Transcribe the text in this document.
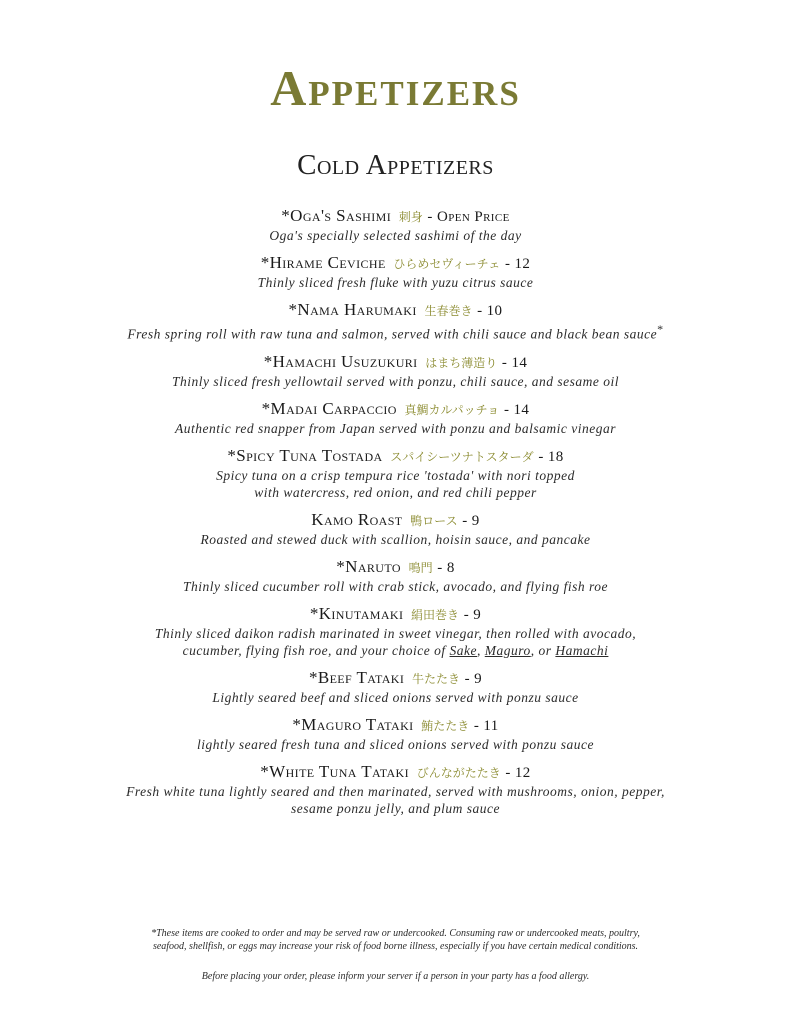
Appetizers
Cold Appetizers
*Oga's Sashimi 刺身 - Open Price
Oga's specially selected sashimi of the day
*Hirame Ceviche ひらめセヴィーチェ - 12
Thinly sliced fresh fluke with yuzu citrus sauce
*Nama Harumaki 生春巻き - 10
Fresh spring roll with raw tuna and salmon, served with chili sauce and black bean sauce*
*Hamachi Usuzukuri はまち薄造り - 14
Thinly sliced fresh yellowtail served with ponzu, chili sauce, and sesame oil
*Madai Carpaccio 真鯛カルパッチョ - 14
Authentic red snapper from Japan served with ponzu and balsamic vinegar
*Spicy Tuna Tostada スパイシーツナトスターダ - 18
Spicy tuna on a crisp tempura rice 'tostada' with nori topped
with watercress, red onion, and red chili pepper
Kamo Roast 鴨ロース - 9
Roasted and stewed duck with scallion, hoisin sauce, and pancake
*Naruto 鳴門 - 8
Thinly sliced cucumber roll with crab stick, avocado, and flying fish roe
*Kinutamaki 絹田巻き - 9
Thinly sliced daikon radish marinated in sweet vinegar, then rolled with avocado,
cucumber, flying fish roe, and your choice of Sake, Maguro, or Hamachi
*Beef Tataki 牛たたき - 9
Lightly seared beef and sliced onions served with ponzu sauce
*Maguro Tataki 鮪たたき - 11
lightly seared fresh tuna and sliced onions served with ponzu sauce
*White Tuna Tataki びんながたたき - 12
Fresh white tuna lightly seared and then marinated, served with mushrooms, onion, pepper,
sesame ponzu jelly, and plum sauce
*These items are cooked to order and may be served raw or undercooked. Consuming raw or undercooked meats, poultry,
seafood, shellfish, or eggs may increase your risk of food borne illness, especially if you have certain medical conditions.
Before placing your order, please inform your server if a person in your party has a food allergy.
